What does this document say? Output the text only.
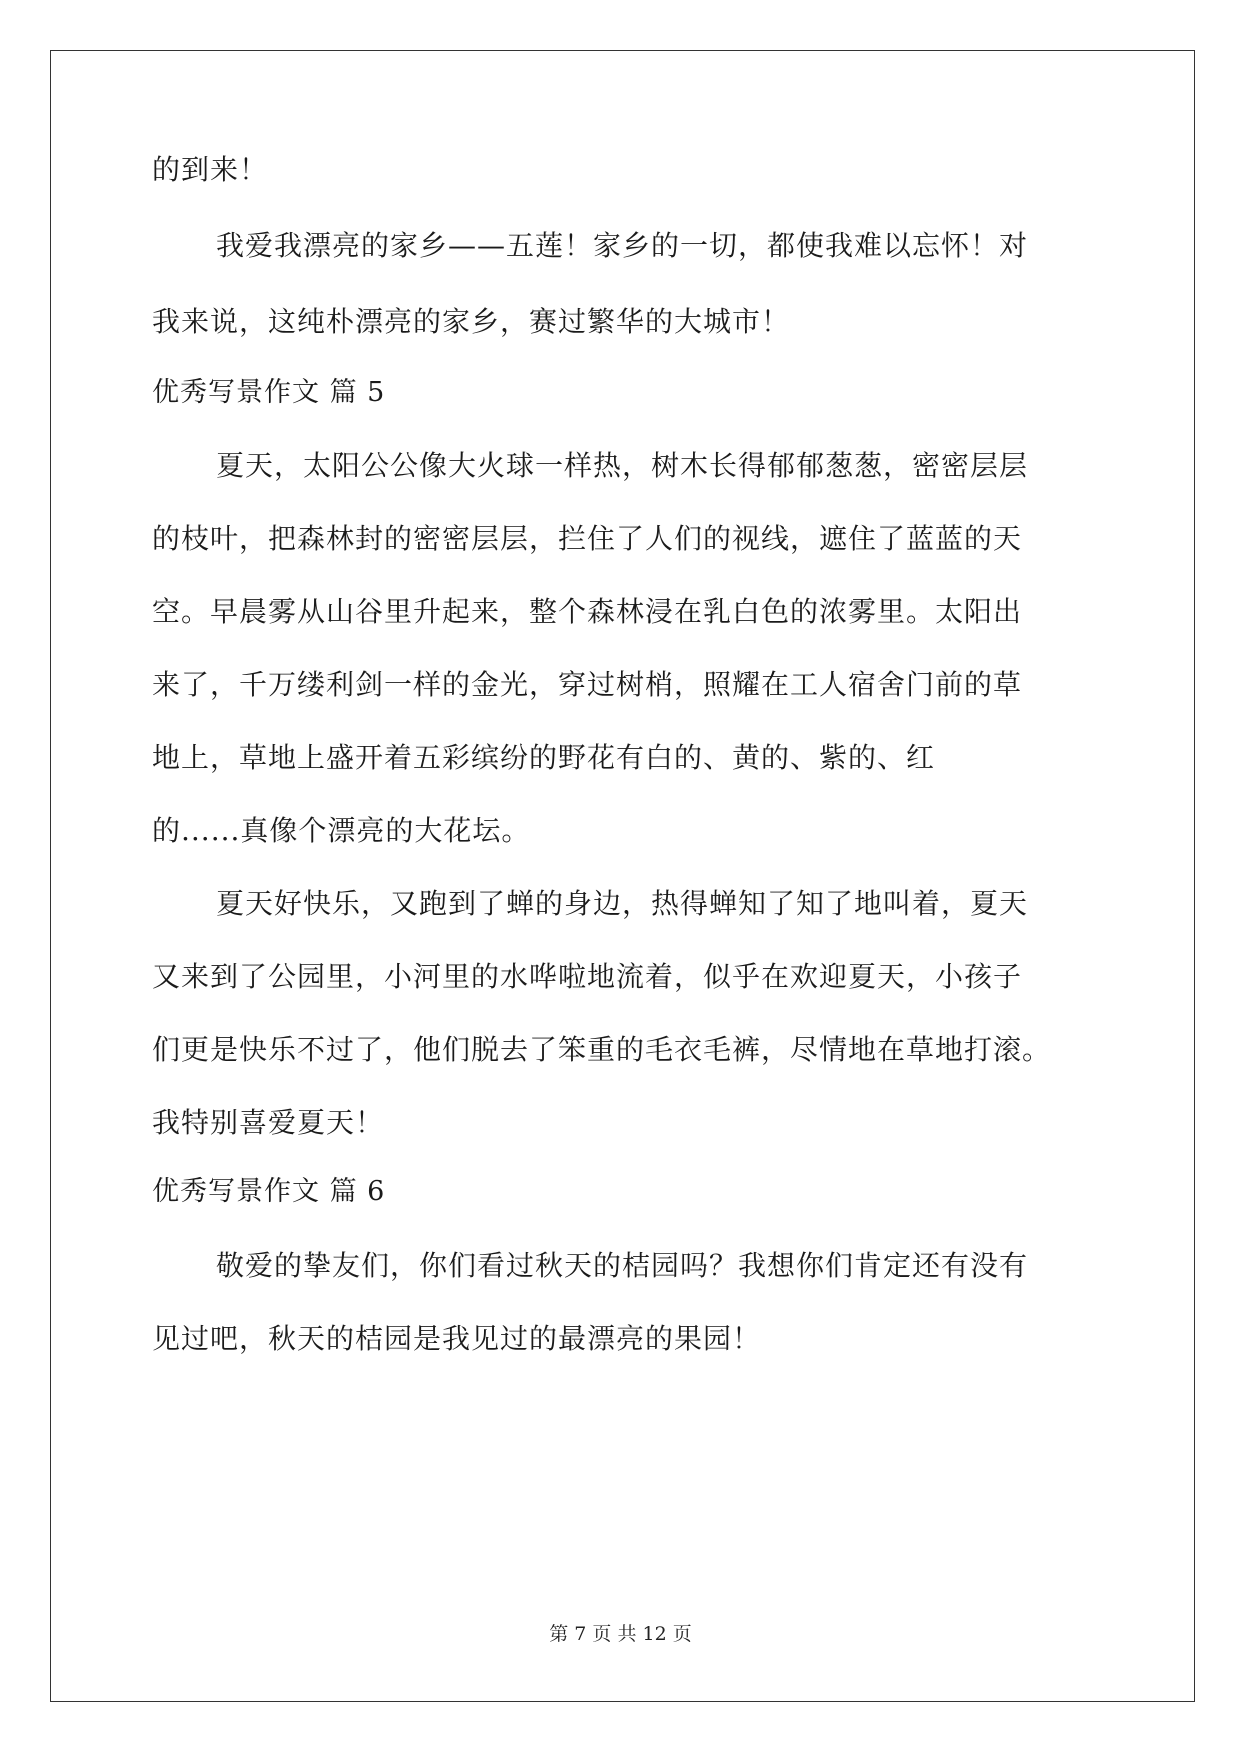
的到来！
我爱我漂亮的家乡——五莲！家乡的一切，都使我难以忘怀！对
我来说，这纯朴漂亮的家乡，赛过繁华的大城市！
优秀写景作文 篇 5
夏天，太阳公公像大火球一样热，树木长得郁郁葱葱，密密层层
的枝叶，把森林封的密密层层，拦住了人们的视线，遮住了蓝蓝的天
空。早晨雾从山谷里升起来，整个森林浸在乳白色的浓雾里。太阳出
来了，千万缕利剑一样的金光，穿过树梢，照耀在工人宿舍门前的草
地上，草地上盛开着五彩缤纷的野花有白的、黄的、紫的、红
的......真像个漂亮的大花坛。
夏天好快乐，又跑到了蝉的身边，热得蝉知了知了地叫着，夏天
又来到了公园里，小河里的水哗啦地流着，似乎在欢迎夏天，小孩子
们更是快乐不过了，他们脱去了笨重的毛衣毛裤，尽情地在草地打滚。
我特别喜爱夏天！
优秀写景作文 篇 6
敬爱的挚友们，你们看过秋天的桔园吗？我想你们肯定还有没有
见过吧，秋天的桔园是我见过的最漂亮的果园！
第 7 页 共 12 页
